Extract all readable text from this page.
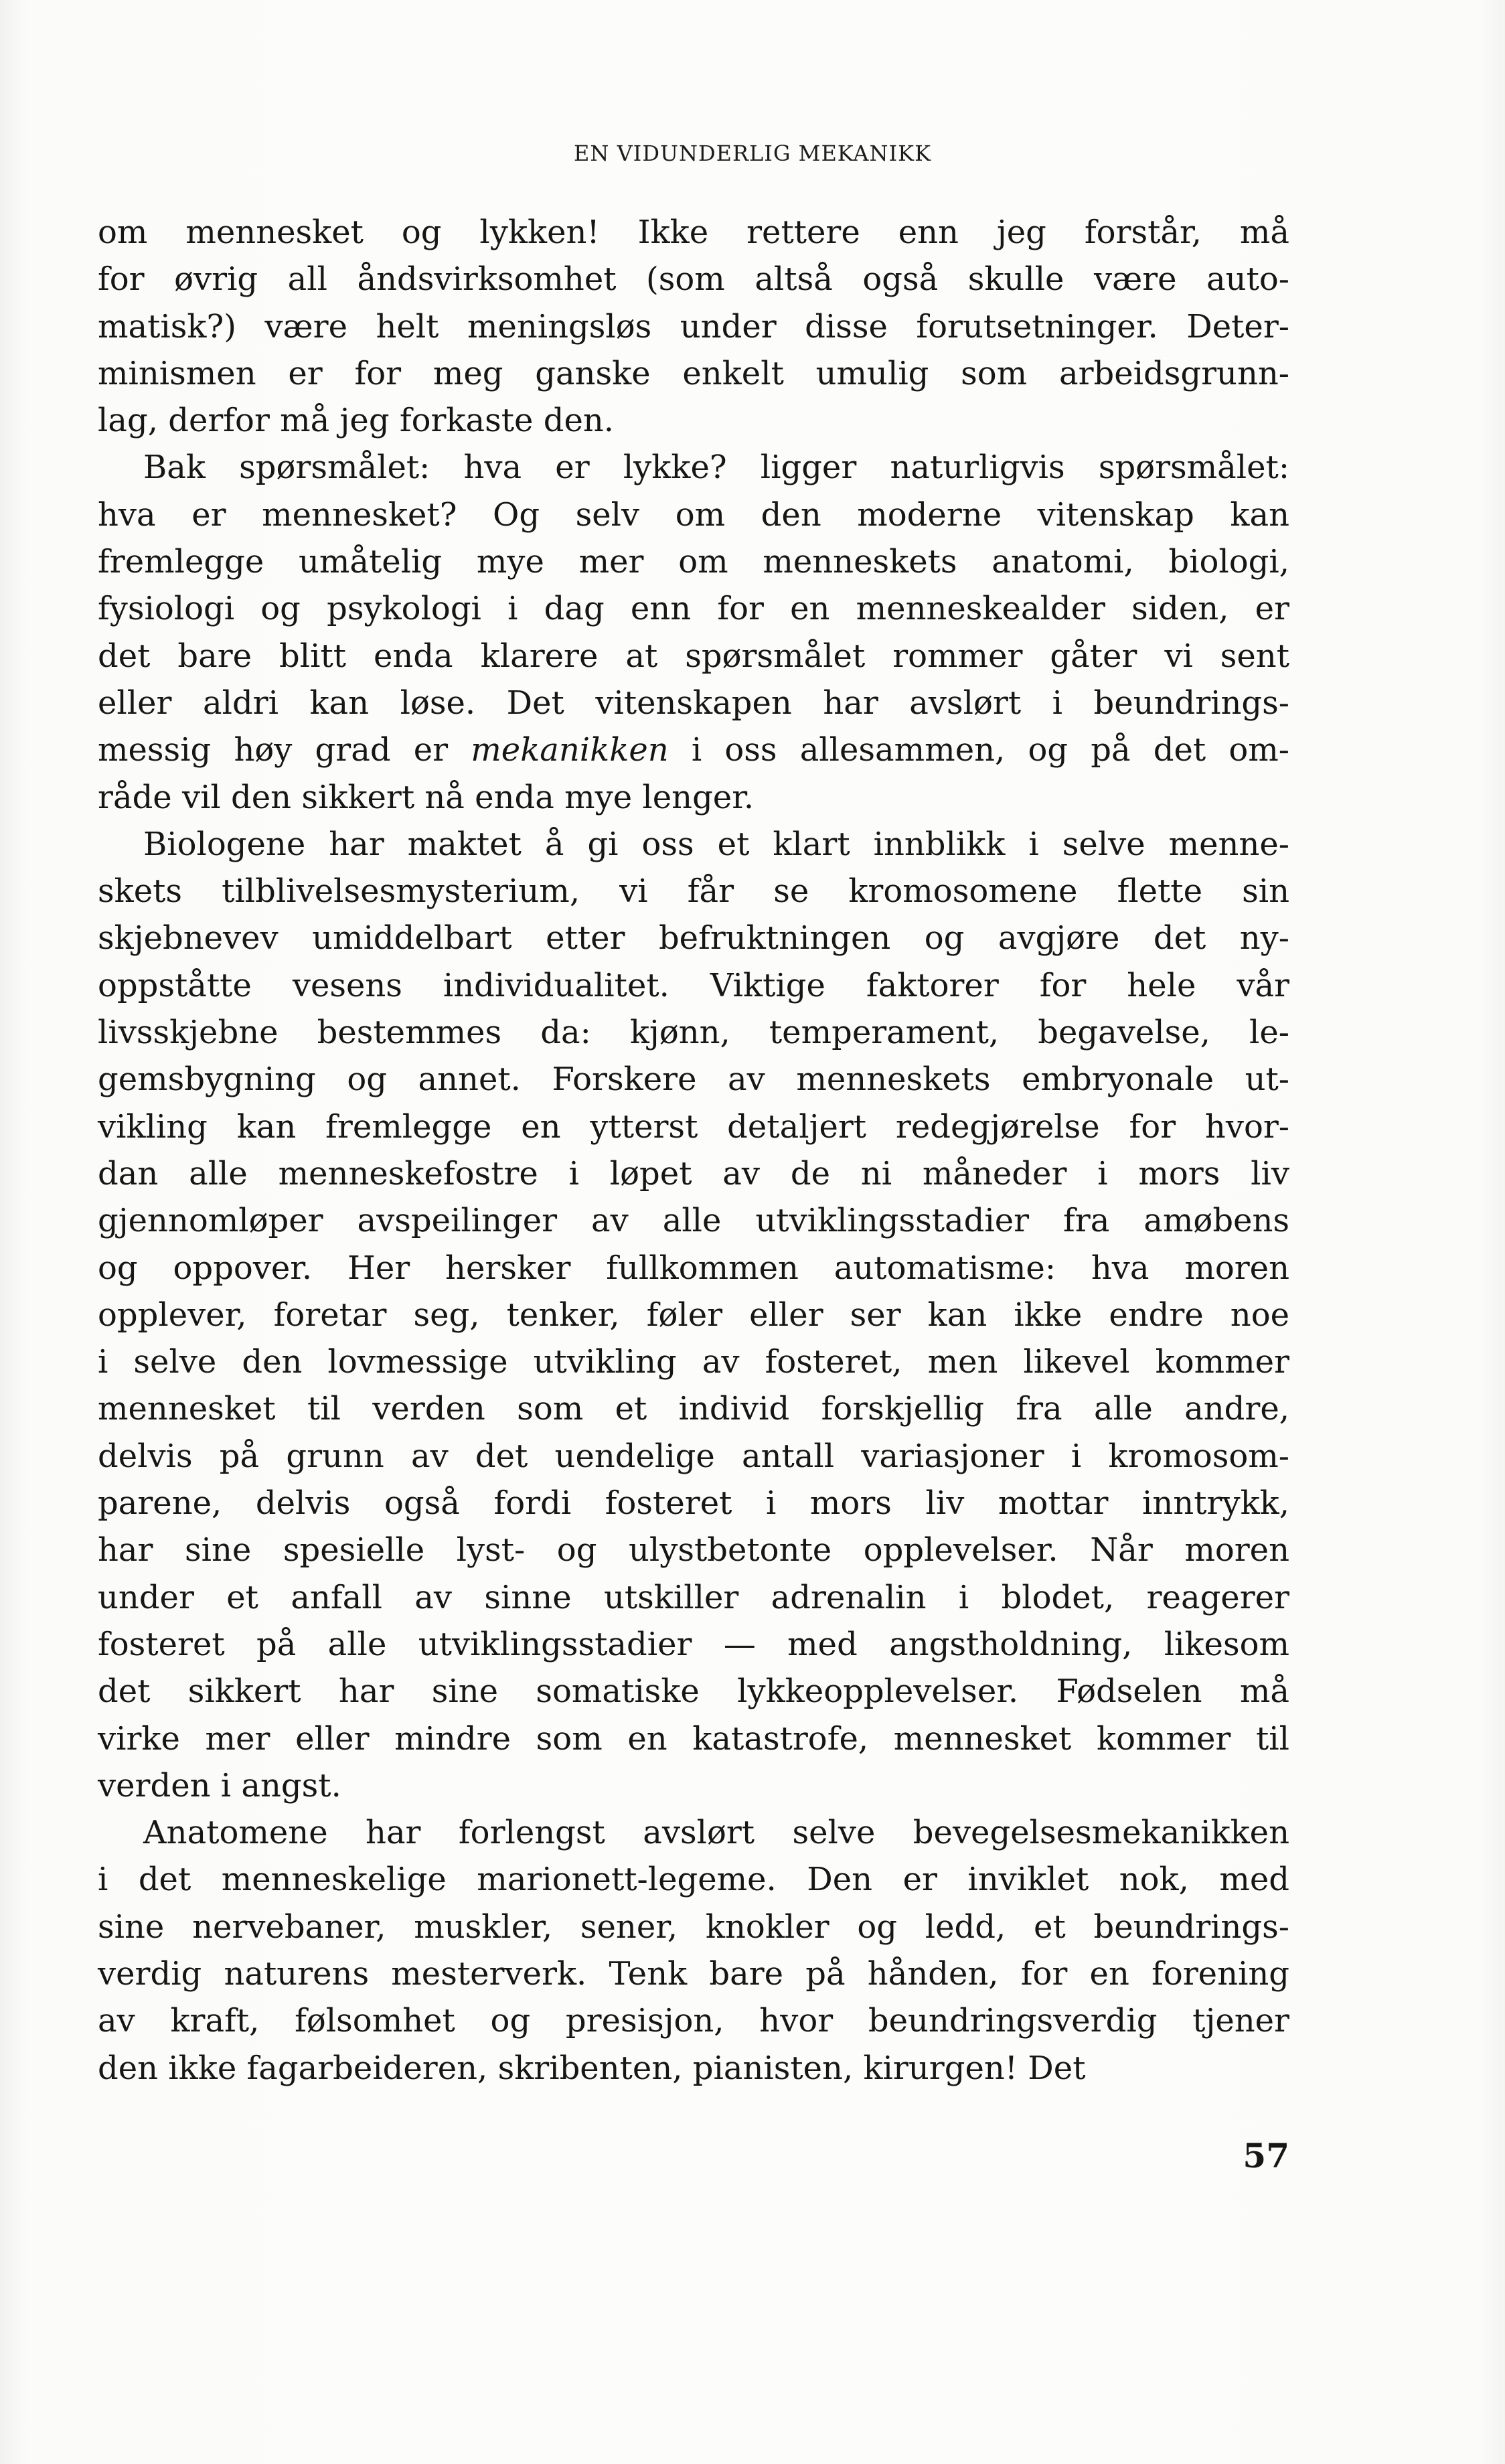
EN VIDUNDERLIG MEKANIKK
om mennesket og lykken! Ikke rettere enn jeg forstår, må
for øvrig all åndsvirksomhet (som altså også skulle være auto-
matisk?) være helt meningsløs under disse forutsetninger. Deter-
minismen er for meg ganske enkelt umulig som arbeidsgrunn-
lag, derfor må jeg forkaste den.
Bak spørsmålet: hva er lykke? ligger naturligvis spørsmålet:
hva er mennesket? Og selv om den moderne vitenskap kan
fremlegge umåtelig mye mer om menneskets anatomi, biologi,
fysiologi og psykologi i dag enn for en menneskealder siden, er
det bare blitt enda klarere at spørsmålet rommer gåter vi sent
eller aldri kan løse. Det vitenskapen har avslørt i beundrings-
messig høy grad er mekanikken i oss allesammen, og på det om-
råde vil den sikkert nå enda mye lenger.
Biologene har maktet å gi oss et klart innblikk i selve menne-
skets tilblivelsesmysterium, vi får se kromosomene flette sin
skjebnevev umiddelbart etter befruktningen og avgjøre det ny-
oppståtte vesens individualitet. Viktige faktorer for hele vår
livsskjebne bestemmes da: kjønn, temperament, begavelse, le-
gemsbygning og annet. Forskere av menneskets embryonale ut-
vikling kan fremlegge en ytterst detaljert redegjørelse for hvor-
dan alle menneskefostre i løpet av de ni måneder i mors liv
gjennomløper avspeilinger av alle utviklingsstadier fra amøbens
og oppover. Her hersker fullkommen automatisme: hva moren
opplever, foretar seg, tenker, føler eller ser kan ikke endre noe
i selve den lovmessige utvikling av fosteret, men likevel kommer
mennesket til verden som et individ forskjellig fra alle andre,
delvis på grunn av det uendelige antall variasjoner i kromosom-
parene, delvis også fordi fosteret i mors liv mottar inntrykk,
har sine spesielle lyst- og ulystbetonte opplevelser. Når moren
under et anfall av sinne utskiller adrenalin i blodet, reagerer
fosteret på alle utviklingsstadier — med angstholdning, likesom
det sikkert har sine somatiske lykkeopplevelser. Fødselen må
virke mer eller mindre som en katastrofe, mennesket kommer til
verden i angst.
Anatomene har forlengst avslørt selve bevegelsesmekanikken
i det menneskelige marionett-legeme. Den er inviklet nok, med
sine nervebaner, muskler, sener, knokler og ledd, et beundrings-
verdig naturens mesterverk. Tenk bare på hånden, for en forening
av kraft, følsomhet og presisjon, hvor beundringsverdig tjener
den ikke fagarbeideren, skribenten, pianisten, kirurgen! Det
57
